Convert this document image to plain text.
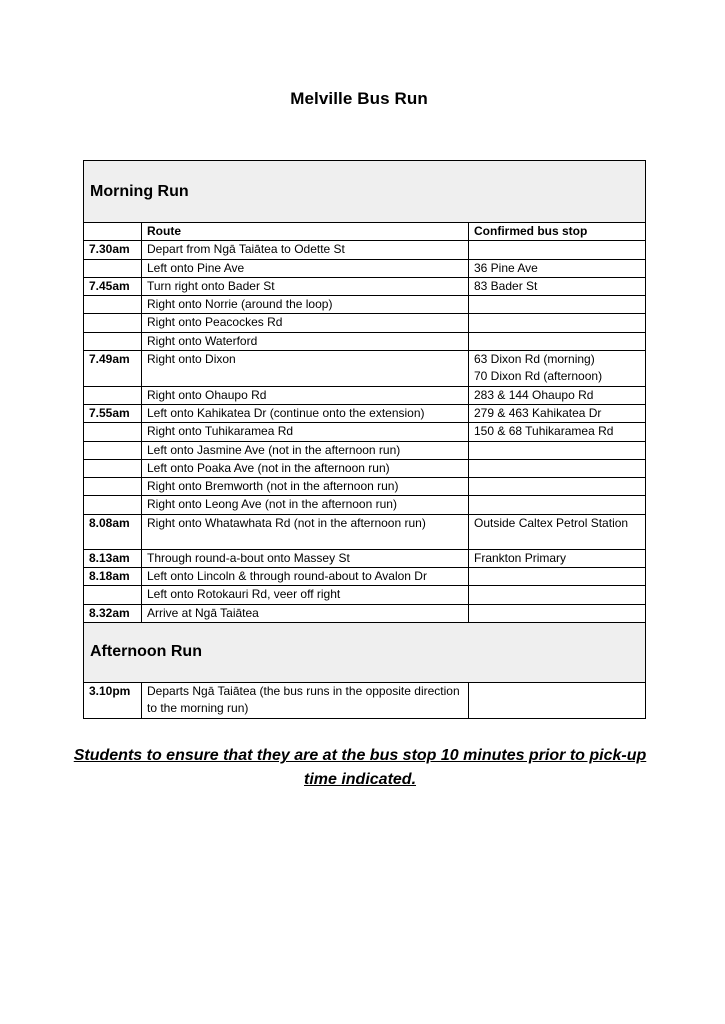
Melville Bus Run
Morning Run		
	Route	Confirmed bus stop
7.30am	Depart from Ngā Taiātea to Odette St	
	Left onto Pine Ave	36 Pine Ave
7.45am	Turn right onto Bader St	83 Bader St
	Right onto Norrie (around the loop)	
	Right onto Peacockes Rd	
	Right onto Waterford	
7.49am	Right onto Dixon	63 Dixon Rd (morning)
70 Dixon Rd (afternoon)
	Right onto Ohaupo Rd	283 & 144 Ohaupo Rd
7.55am	Left onto Kahikatea Dr (continue onto the extension)	279 & 463 Kahikatea Dr
	Right onto Tuhikaramea Rd	150 & 68 Tuhikaramea Rd
	Left onto Jasmine Ave (not in the afternoon run)	
	Left onto Poaka Ave (not in the afternoon run)	
	Right onto Bremworth (not in the afternoon run)	
	Right onto Leong Ave (not in the afternoon run)	
8.08am	Right onto Whatawhata Rd (not in the afternoon run)	Outside Caltex Petrol Station
8.13am	Through round-a-bout onto Massey St	Frankton Primary
8.18am	Left onto Lincoln & through round-about to Avalon Dr	
	Left onto Rotokauri Rd, veer off right	
8.32am	Arrive at Ngā Taiātea	
Afternoon Run		
3.10pm	Departs Ngā Taiātea (the bus runs in the opposite direction to the morning run)	
Students to ensure that they are at the bus stop 10 minutes prior to pick-up time indicated.
